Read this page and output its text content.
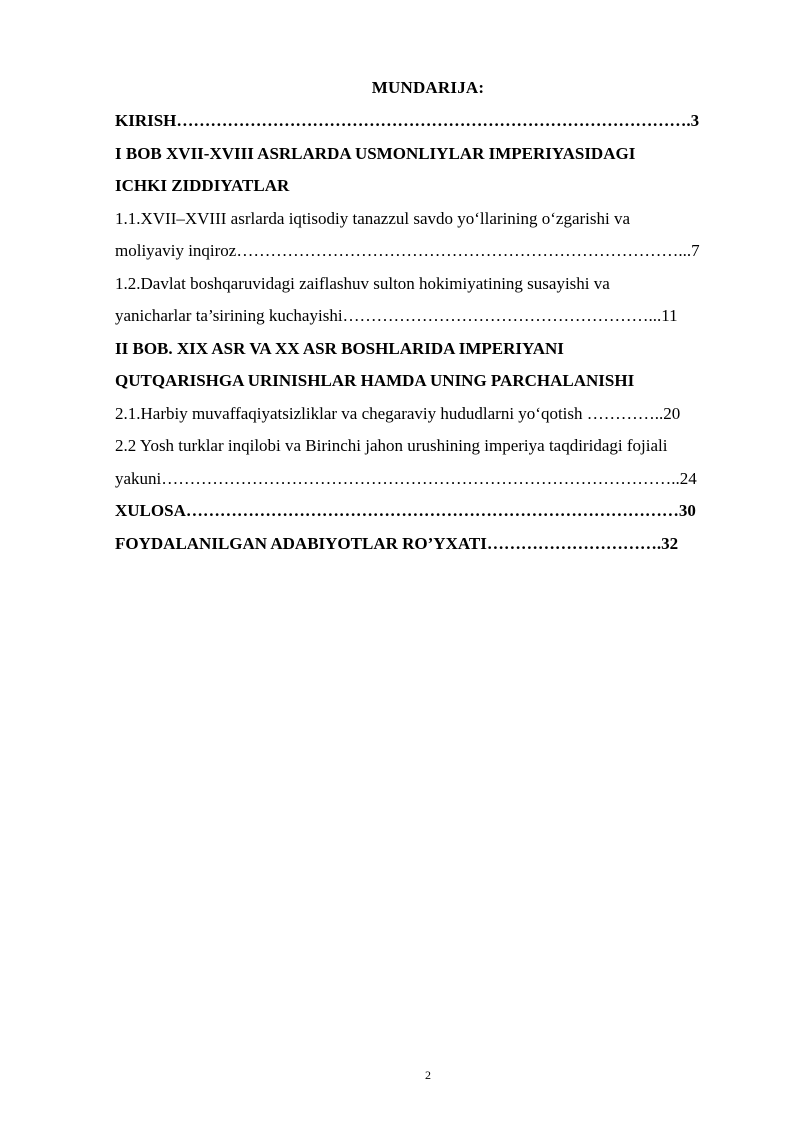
MUNDARIJA:
KIRISH……………………………………………………………………………….3
I BOB XVII-XVIII ASRLARDA USMONLIYLAR IMPERIYASIDAGI
ICHKI ZIDDIYATLAR
1.1.XVII–XVIII asrlarda iqtisodiy tanazzul savdo yo‘llarining o‘zgarishi va
moliyaviy inqiroz……………………………………………………………………...7
1.2.Davlat boshqaruvidagi zaiflashuv sulton hokimiyatining susayishi va
yanicharlar ta’sirining kuchayishi………………………………………………...11
II BOB. XIX ASR VA XX ASR BOSHLARIDA IMPERIYANI
QUTQARISHGA URINISHLAR HAMDA UNING PARCHALANISHI
2.1.Harbiy muvaffaqiyatsizliklar va chegaraviy hududlarni yo‘qotish …………..20
2.2 Yosh turklar inqilobi va Birinchi jahon urushining imperiya taqdiridagi fojiali
yakuni………………………………………………………………………………..24
XULOSA……………………………………………………………………………30
FOYDALANILGAN ADABIYOTLAR RO’YXATI………………………….32
2
